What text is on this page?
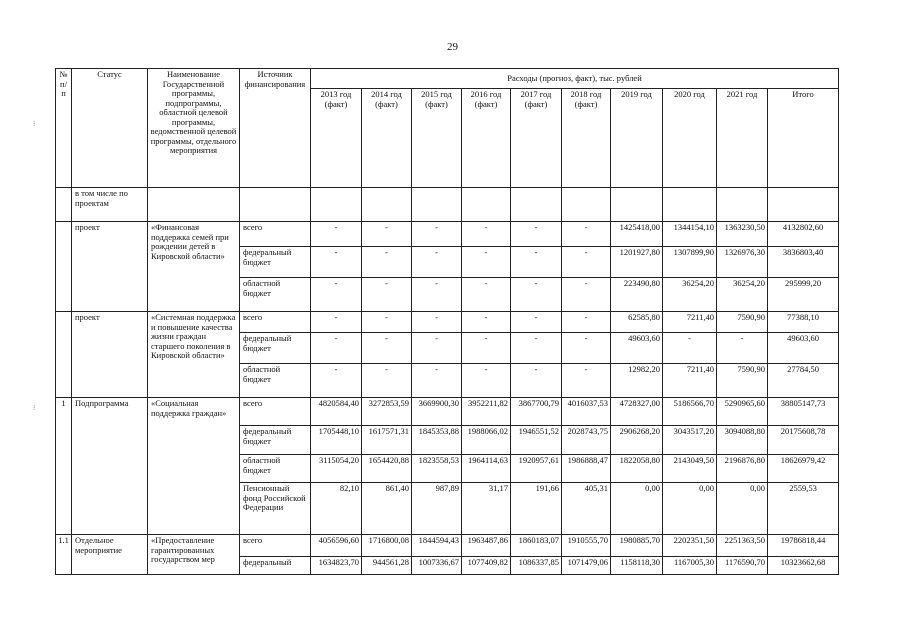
29
⁝
⁝
№ п/п	Статус	Наименование Государственной программы, подпрограммы, областной целевой программы, ведомственной целевой программы, отдельного мероприятия	Источник финансирования	Расходы (прогноз, факт), тыс. рублей									
				2013 год (факт)	2014 год (факт)	2015 год (факт)	2016 год (факт)	2017 год (факт)	2018 год (факт)	2019 год	2020 год	2021 год	Итого
	в том числе по проектам												
	проект	«Финансовая поддержка семей при рождении детей в Кировской области»	всего	-	-	-	-	-	-	1425418,00	1344154,10	1363230,50	4132802,60
			федеральный бюджет	-	-	-	-	-	-	1201927,80	1307899,90	1326976,30	3836803,40
			областной бюджет	-	-	-	-	-	-	223490,80	36254,20	36254,20	295999,20
	проект	«Системная поддержка и повышение качества жизни граждан старшего поколения в Кировской области»	всего	-	-	-	-	-	-	62585,80	7211,40	7590,90	77388,10
			федеральный бюджет	-	-	-	-	-	-	49603,60	-	-	49603,60
			областной бюджет	-	-	-	-	-	-	12982,20	7211,40	7590,90	27784,50
1	Подпрограмма	«Социальная поддержка граждан»	всего	4820584,40	3272853,59	3669900,30	3952211,82	3867700,79	4016037,53	4728327,00	5186566,70	5290965,60	38805147,73
			федеральный бюджет	1705448,10	1617571,31	1845353,88	1988066,02	1946551,52	2028743,75	2906268,20	3043517,20	3094088,80	20175608,78
			областной бюджет	3115054,20	1654420,88	1823558,53	1964114,63	1920957,61	1986888,47	1822058,80	2143049,50	2196876,80	18626979,42
			Пенсионный фонд Российской Федерации	82,10	861,40	987,89	31,17	191,66	405,31	0,00	0,00	0,00	2559,53
1.1	Отдельное мероприятие	«Предоставление гарантированных государством мер	всего	4056596,60	1716800,08	1844594,43	1963487,86	1860183,07	1910555,70	1980885,70	2202351,50	2251363,50	19786818,44
			федеральный	1634823,70	944561,28	1007336,67	1077409,82	1086337,85	1071479,06	1158118,30	1167005,30	1176590,70	10323662,68
